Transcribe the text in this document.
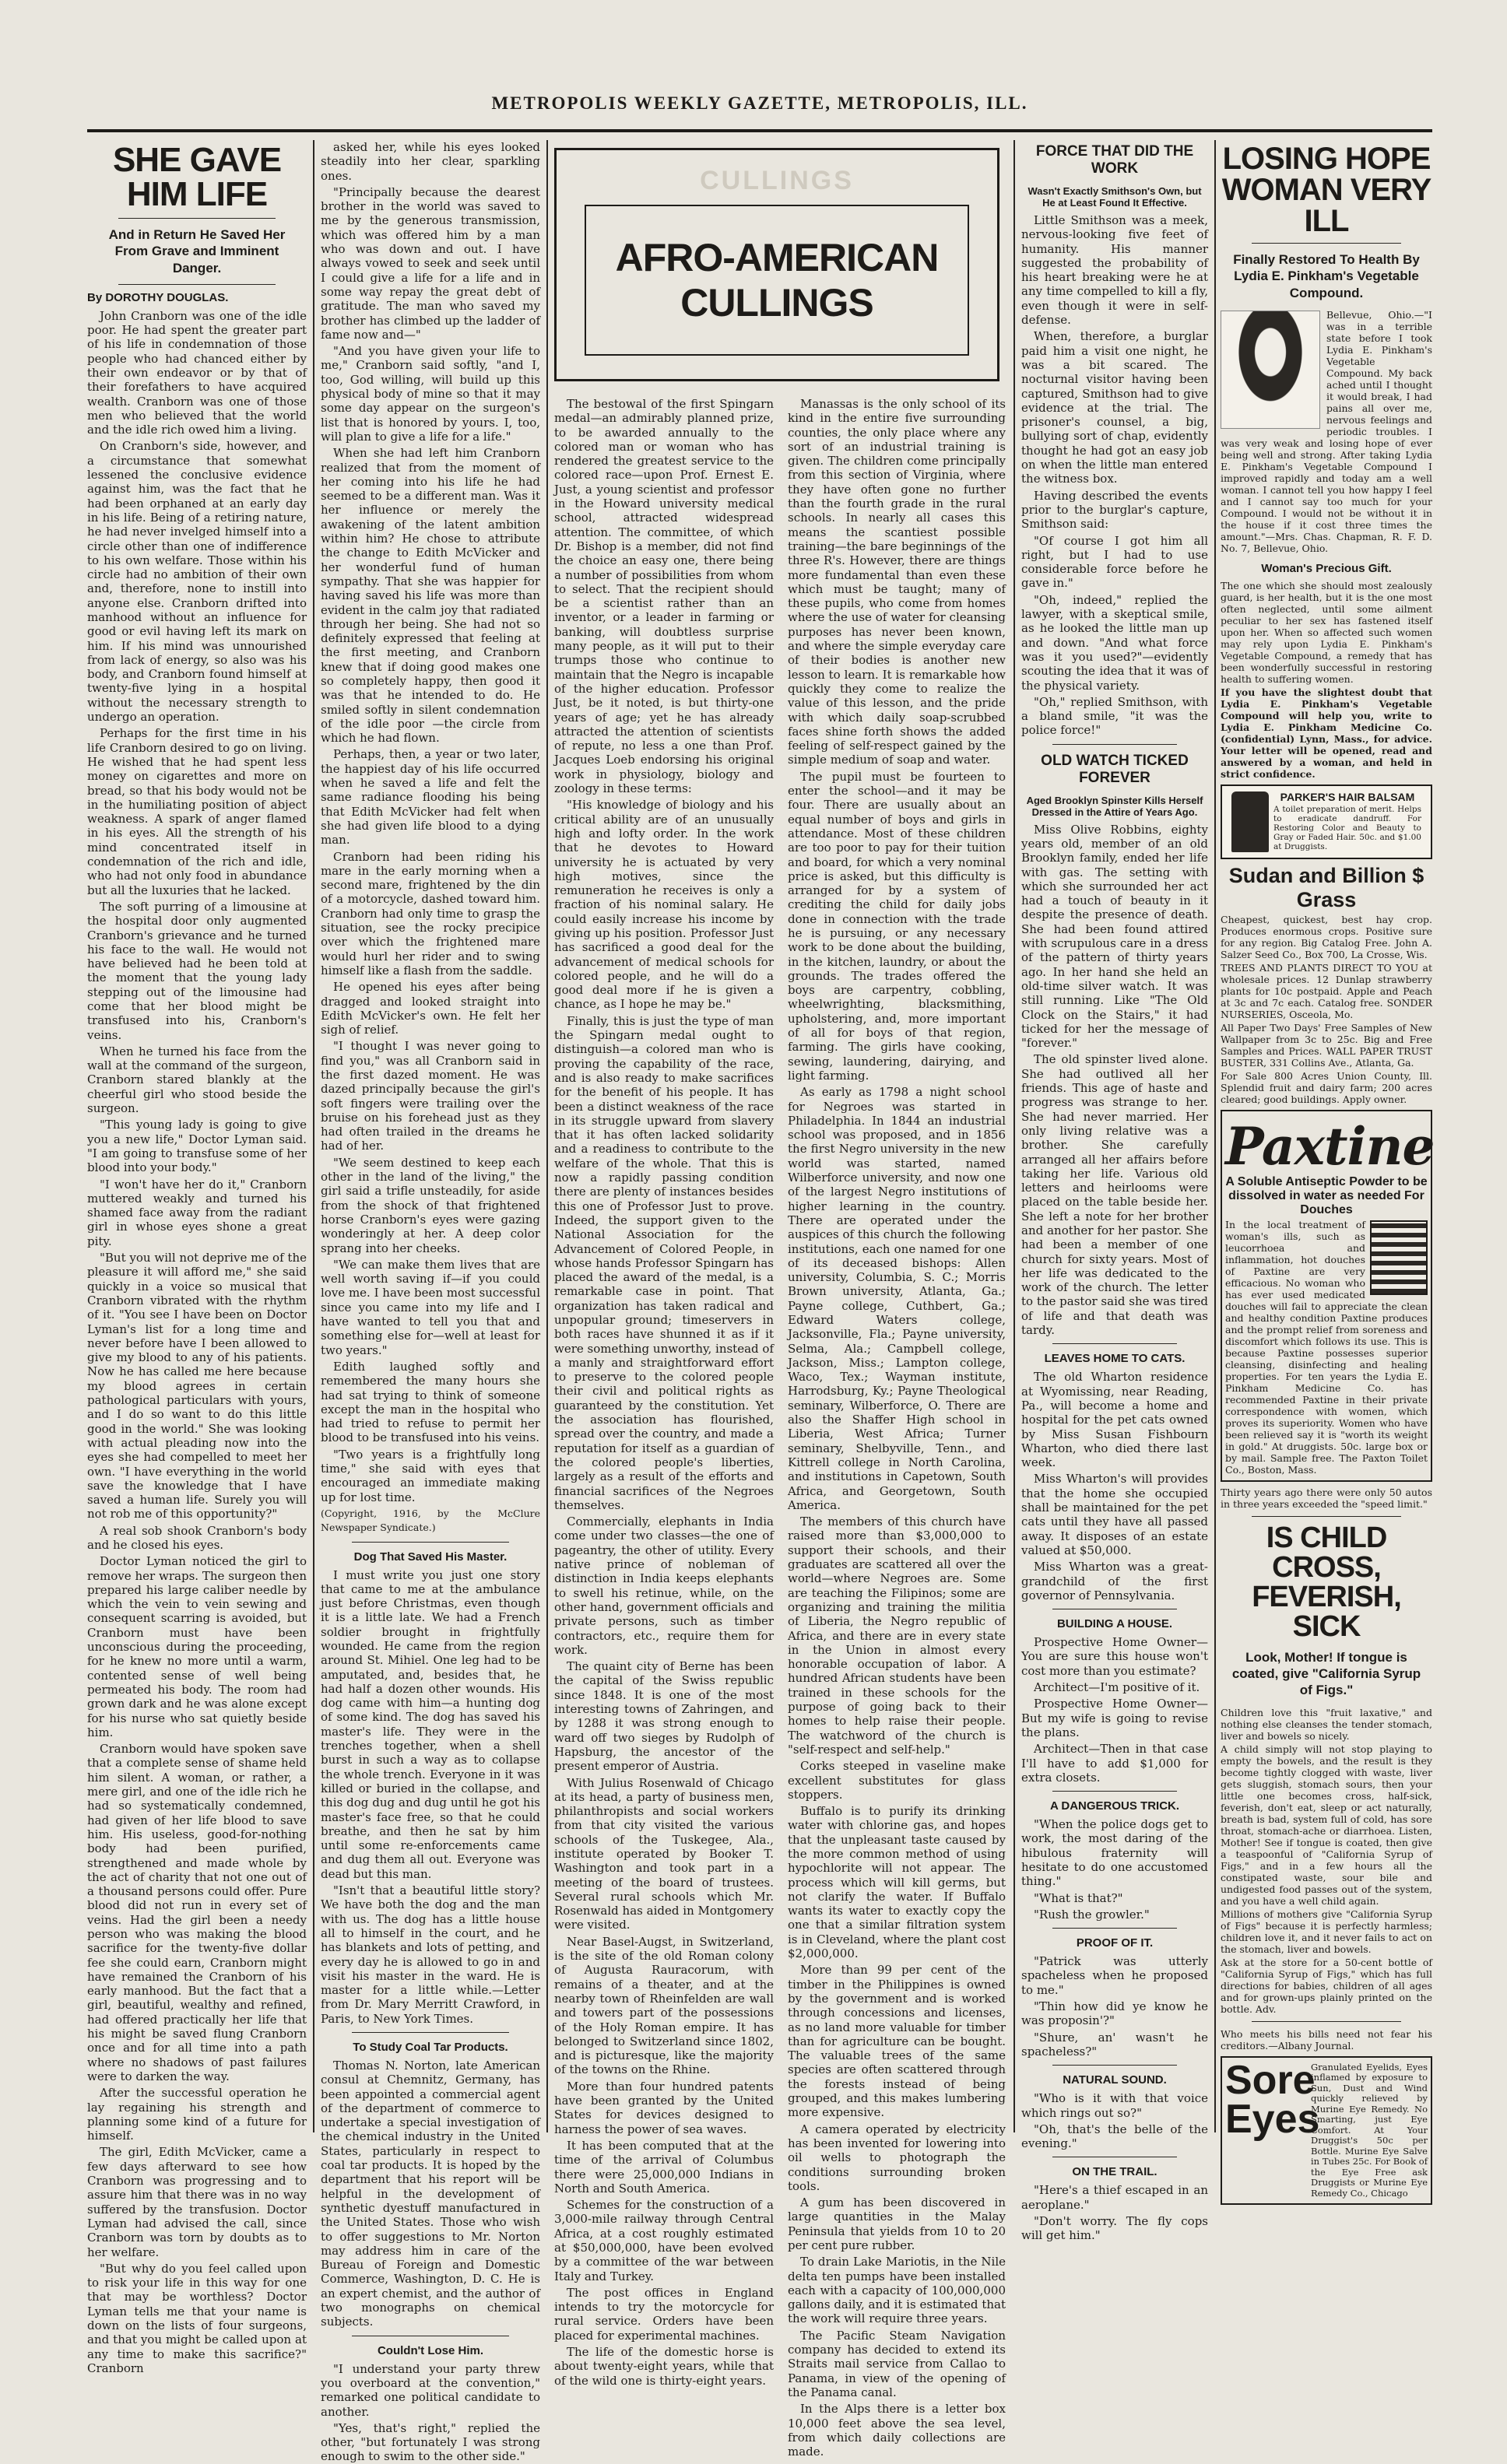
METROPOLIS WEEKLY GAZETTE, METROPOLIS, ILL.
SHE GAVE HIM LIFE
And in Return He Saved Her From Grave and Imminent Danger.
By DOROTHY DOUGLAS.

John Cranborn was one of the idle poor. He had spent the greater part of his life in condemnation of those people who had chanced either by their own endeavor or by that of their forefathers to have acquired wealth. Cranborn was one of those men who believed that the world and the idle rich owed him a living.

On Cranborn's side, however, and a circumstance that somewhat lessened the conclusive evidence against him, was the fact that he had been orphaned at an early day in his life. Being of a retiring nature, he had never invelged himself into a circle other than one of indifference to his own welfare. Those within his circle had no ambition of their own and, therefore, none to instill into anyone else. Cranborn drifted into manhood without an influence for good or evil having left its mark on him. If his mind was unnourished from lack of energy, so also was his body, and Cranborn found himself at twenty-five lying in a hospital without the necessary strength to undergo an operation.

Perhaps for the first time in his life Cranborn desired to go on living. He wished that he had spent less money on cigarettes and more on bread, so that his body would not be in the humiliating position of abject weakness. A spark of anger flamed in his eyes. All the strength of his mind concentrated itself in condemnation of the rich and idle, who had not only food in abundance but all the luxuries that he lacked.

The soft purring of a limousine at the hospital door only augmented Cranborn's grievance and he turned his face to the wall. He would not have believed had he been told at the moment that the young lady stepping out of the limousine had come that her blood might be transfused into his, Cranborn's veins.

When he turned his face from the wall at the command of the surgeon, Cranborn stared blankly at the cheerful girl who stood beside the surgeon.

"This young lady is going to give you a new life," Doctor Lyman said. "I am going to transfuse some of her blood into your body."

"I won't have her do it," Cranborn muttered weakly and turned his shamed face away from the radiant girl in whose eyes shone a great pity.

"But you will not deprive me of the pleasure it will afford me," she said quickly in a voice so musical that Cranborn vibrated with the rhythm of it. "You see I have been on Doctor Lyman's list for a long time and never before have I been allowed to give my blood to any of his patients. Now he has called me here because my blood agrees in certain pathological particulars with yours, and I do so want to do this little good in the world." She was looking with actual pleading now into the eyes she had compelled to meet her own. "I have everything in the world save the knowledge that I have saved a human life. Surely you will not rob me of this opportunity?"

A real sob shook Cranborn's body and he closed his eyes.

Doctor Lyman noticed the girl to remove her wraps. The surgeon then prepared his large caliber needle by which the vein to vein sewing and consequent scarring is avoided, but Cranborn must have been unconscious during the proceeding, for he knew no more until a warm, contented sense of well being permeated his body. The room had grown dark and he was alone except for his nurse who sat quietly beside him.

Cranborn would have spoken save that a complete sense of shame held him silent. A woman, or rather, a mere girl, and one of the idle rich he had so systematically condemned, had given of her life blood to save him. His useless, good-for-nothing body had been purified, strengthened and made whole by the act of charity that not one out of a thousand persons could offer. Pure blood did not run in every set of veins. Had the girl been a needy person who was making the blood sacrifice for the twenty-five dollar fee she could earn, Cranborn might have remained the Cranborn of his early manhood. But the fact that a girl, beautiful, wealthy and refined, had offered practically her life that his might be saved flung Cranborn once and for all time into a path where no shadows of past failures were to darken the way.

After the successful operation he lay regaining his strength and planning some kind of a future for himself.

The girl, Edith McVicker, came a few days afterward to see how Cranborn was progressing and to assure him that there was in no way suffered by the transfusion. Doctor Lyman had advised the call, since Cranborn was torn by doubts as to her welfare.

"But why do you feel called upon to risk your life in this way for one that may be worthless? Doctor Lyman tells me that your name is down on the lists of four surgeons, and that you might be called upon at any time to make this sacrifice?" Cranborn

asked her, while his eyes looked steadily into her clear, sparkling ones.

"Principally because the dearest brother in the world was saved to me by the generous transmission, which was offered him by a man who was down and out. I have always vowed to seek and seek until I could give a life for a life and in some way repay the great debt of gratitude. The man who saved my brother has climbed up the ladder of fame now and—"

"And you have given your life to me," Cranborn said softly, "and I, too, God willing, will build up this physical body of mine so that it may some day appear on the surgeon's list that is honored by yours. I, too, will plan to give a life for a life."

When she had left him Cranborn realized that from the moment of her coming into his life he had seemed to be a different man. Was it her influence or merely the awakening of the latent ambition within him? He chose to attribute the change to Edith McVicker and her wonderful fund of human sympathy. That she was happier for having saved his life was more than evident in the calm joy that radiated through her being. She had not so definitely expressed that feeling at the first meeting, and Cranborn knew that if doing good makes one so completely happy, then good it was that he intended to do. He smiled softly in silent condemnation of the idle poor —the circle from which he had flown.

Perhaps, then, a year or two later, the happiest day of his life occurred when he saved a life and felt the same radiance flooding his being that Edith McVicker had felt when she had given life blood to a dying man.

Cranborn had been riding his mare in the early morning when a second mare, frightened by the din of a motorcycle, dashed toward him. Cranborn had only time to grasp the situation, see the rocky precipice over which the frightened mare would hurl her rider and to swing himself like a flash from the saddle.

He opened his eyes after being dragged and looked straight into Edith McVicker's own. He felt her sigh of relief.

"I thought I was never going to find you," was all Cranborn said in the first dazed moment. He was dazed principally because the girl's soft fingers were trailing over the bruise on his forehead just as they had often trailed in the dreams he had of her.

"We seem destined to keep each other in the land of the living," the girl said a trifle unsteadily, for aside from the shock of that frightened horse Cranborn's eyes were gazing wonderingly at her. A deep color sprang into her cheeks.

"We can make them lives that are well worth saving if—if you could love me. I have been most successful since you came into my life and I have wanted to tell you that and something else for—well at least for two years."

Edith laughed softly and remembered the many hours she had sat trying to think of someone except the man in the hospital who had tried to refuse to permit her blood to be transfused into his veins.

"Two years is a frightfully long time," she said with eyes that encouraged an immediate making up for lost time.

(Copyright, 1916, by the McClure Newspaper Syndicate.)

Dog That Saved His Master.

I must write you just one story that came to me at the ambulance just before Christmas, even though it is a little late. We had a French soldier brought in frightfully wounded. He came from the region around St. Mihiel. One leg had to be amputated, and, besides that, he had half a dozen other wounds. His dog came with him—a hunting dog of some kind. The dog has saved his master's life. They were in the trenches together, when a shell burst in such a way as to collapse the whole trench. Everyone in it was killed or buried in the collapse, and this dog dug and dug until he got his master's face free, so that he could breathe, and then he sat by him until some re-enforcements came and dug them all out. Everyone was dead but this man.

"Isn't that a beautiful little story? We have both the dog and the man with us. The dog has a little house all to himself in the court, and he has blankets and lots of petting, and every day he is allowed to go in and visit his master in the ward. He is master for a little while.—Letter from Dr. Mary Merritt Crawford, in Paris, to New York Times.

To Study Coal Tar Products.

Thomas N. Norton, late American consul at Chemnitz, Germany, has been appointed a commercial agent of the department of commerce to undertake a special investigation of the chemical industry in the United States, particularly in respect to coal tar products. It is hoped by the department that his report will be helpful in the development of synthetic dyestuff manufactured in the United States. Those who wish to offer suggestions to Mr. Norton may address him in care of the Bureau of Foreign and Domestic Commerce, Washington, D. C. He is an expert chemist, and the author of two monographs on chemical subjects.

Couldn't Lose Him.

"I understand your party threw you overboard at the convention," remarked one political candidate to another.

"Yes, that's right," replied the other, "but fortunately I was strong enough to swim to the other side."

CULLINGS
AFRO-AMERICAN CULLINGS

The bestowal of the first Spingarn medal—an admirably planned prize, to be awarded annually to the colored man or woman who has rendered the greatest service to the colored race—upon Prof. Ernest E. Just, a young scientist and professor in the Howard university medical school, attracted widespread attention. The committee, of which Dr. Bishop is a member, did not find the choice an easy one, there being a number of possibilities from whom to select. That the recipient should be a scientist rather than an inventor, or a leader in farming or banking, will doubtless surprise many people, as it will put to their trumps those who continue to maintain that the Negro is incapable of the higher education. Professor Just, be it noted, is but thirty-one years of age; yet he has already attracted the attention of scientists of repute, no less a one than Prof. Jacques Loeb endorsing his original work in physiology, biology and zoology in these terms:

"His knowledge of biology and his critical ability are of an unusually high and lofty order. In the work that he devotes to Howard university he is actuated by very high motives, since the remuneration he receives is only a fraction of his nominal salary. He could easily increase his income by giving up his position. Professor Just has sacrificed a good deal for the advancement of medical schools for colored people, and he will do a good deal more if he is given a chance, as I hope he may be."

Finally, this is just the type of man the Spingarn medal ought to distinguish—a colored man who is proving the capability of the race, and is also ready to make sacrifices for the benefit of his people. It has been a distinct weakness of the race in its struggle upward from slavery that it has often lacked solidarity and a readiness to contribute to the welfare of the whole. That this is now a rapidly passing condition there are plenty of instances besides this one of Professor Just to prove. Indeed, the support given to the National Association for the Advancement of Colored People, in whose hands Professor Spingarn has placed the award of the medal, is a remarkable case in point. That organization has taken radical and unpopular ground; timeservers in both races have shunned it as if it were something unworthy, instead of a manly and straightforward effort to preserve to the colored people their civil and political rights as guaranteed by the constitution. Yet the association has flourished, spread over the country, and made a reputation for itself as a guardian of the colored people's liberties, largely as a result of the efforts and financial sacrifices of the Negroes themselves.

Commercially, elephants in India come under two classes—the one of pageantry, the other of utility. Every native prince of nobleman of distinction in India keeps elephants to swell his retinue, while, on the other hand, government officials and private persons, such as timber contractors, etc., require them for work.

The quaint city of Berne has been the capital of the Swiss republic since 1848. It is one of the most interesting towns of Zahringen, and by 1288 it was strong enough to ward off two sieges by Rudolph of Hapsburg, the ancestor of the present emperor of Austria.

With Julius Rosenwald of Chicago at its head, a party of business men, philanthropists and social workers from that city visited the various schools of the Tuskegee, Ala., institute operated by Booker T. Washington and took part in a meeting of the board of trustees. Several rural schools which Mr. Rosenwald has aided in Montgomery were visited.

Near Basel-Augst, in Switzerland, is the site of the old Roman colony of Augusta Rauracorum, with remains of a theater, and at the nearby town of Rheinfelden are wall and towers part of the possessions of the Holy Roman empire. It has belonged to Switzerland since 1802, and is picturesque, like the majority of the towns on the Rhine.

More than four hundred patents have been granted by the United States for devices designed to harness the power of sea waves.

It has been computed that at the time of the arrival of Columbus there were 25,000,000 Indians in North and South America.

Schemes for the construction of a 3,000-mile railway through Central Africa, at a cost roughly estimated at $50,000,000, have been evolved by a committee of the war between Italy and Turkey.

The post offices in England intends to try the motorcycle for rural service. Orders have been placed for experimental machines.

The life of the domestic horse is about twenty-eight years, while that of the wild one is thirty-eight years.

Manassas is the only school of its kind in the entire five surrounding counties, the only place where any sort of an industrial training is given. The children come principally from this section of Virginia, where they have often gone no further than the fourth grade in the rural schools. In nearly all cases this means the scantiest possible training—the bare beginnings of the three R's. However, there are things more fundamental than even these which must be taught; many of these pupils, who come from homes where the use of water for cleansing purposes has never been known, and where the simple everyday care of their bodies is another new lesson to learn. It is remarkable how quickly they come to realize the value of this lesson, and the pride with which daily soap-scrubbed faces shine forth shows the added feeling of self-respect gained by the simple medium of soap and water.

The pupil must be fourteen to enter the school—and it may be four. There are usually about an equal number of boys and girls in attendance. Most of these children are too poor to pay for their tuition and board, for which a very nominal price is asked, but this difficulty is arranged for by a system of crediting the child for daily jobs done in connection with the trade he is pursuing, or any necessary work to be done about the building, in the kitchen, laundry, or about the grounds. The trades offered the boys are carpentry, cobbling, wheelwrighting, blacksmithing, upholstering, and, more important of all for boys of that region, farming. The girls have cooking, sewing, laundering, dairying, and light farming.

As early as 1798 a night school for Negroes was started in Philadelphia. In 1844 an industrial school was proposed, and in 1856 the first Negro university in the new world was started, named Wilberforce university, and now one of the largest Negro institutions of higher learning in the country. There are operated under the auspices of this church the following institutions, each one named for one of its deceased bishops: Allen university, Columbia, S. C.; Morris Brown university, Atlanta, Ga.; Payne college, Cuthbert, Ga.; Edward Waters college, Jacksonville, Fla.; Payne university, Selma, Ala.; Campbell college, Jackson, Miss.; Lampton college, Waco, Tex.; Wayman institute, Harrodsburg, Ky.; Payne Theological seminary, Wilberforce, O. There are also the Shaffer High school in Liberia, West Africa; Turner seminary, Shelbyville, Tenn., and Kittrell college in North Carolina, and institutions in Capetown, South Africa, and Georgetown, South America.

The members of this church have raised more than $3,000,000 to support their schools, and their graduates are scattered all over the world—where Negroes are. Some are teaching the Filipinos; some are organizing and training the militia of Liberia, the Negro republic of Africa, and there are in every state in the Union in almost every honorable occupation of labor. A hundred African students have been trained in these schools for the purpose of going back to their homes to help raise their people. The watchword of the church is "self-respect and self-help."

Corks steeped in vaseline make excellent substitutes for glass stoppers.

Buffalo is to purify its drinking water with chlorine gas, and hopes that the unpleasant taste caused by the more common method of using hypochlorite will not appear. The process which will kill germs, but not clarify the water. If Buffalo wants its water to exactly copy the one that a similar filtration system is in Cleveland, where the plant cost $2,000,000.

More than 99 per cent of the timber in the Philippines is owned by the government and is worked through concessions and licenses, as no land more valuable for timber than for agriculture can be bought. The valuable trees of the same species are often scattered through the forests instead of being grouped, and this makes lumbering more expensive.

A camera operated by electricity has been invented for lowering into oil wells to photograph the conditions surrounding broken tools.

A gum has been discovered in large quantities in the Malay Peninsula that yields from 10 to 20 per cent pure rubber.

To drain Lake Mariotis, in the Nile delta ten pumps have been installed each with a capacity of 100,000,000 gallons daily, and it is estimated that the work will require three years.

The Pacific Steam Navigation company has decided to extend its Straits mail service from Callao to Panama, in view of the opening of the Panama canal.

In the Alps there is a letter box 10,000 feet above the sea level, from which daily collections are made.

FORCE THAT DID THE WORK
Wasn't Exactly Smithson's Own, but He at Least Found It Effective.

Little Smithson was a meek, nervous-looking five feet of humanity. His manner suggested the probability of his heart breaking were he at any time compelled to kill a fly, even though it were in self-defense.

When, therefore, a burglar paid him a visit one night, he was a bit scared. The nocturnal visitor having been captured, Smithson had to give evidence at the trial. The prisoner's counsel, a big, bullying sort of chap, evidently thought he had got an easy job on when the little man entered the witness box.

Having described the events prior to the burglar's capture, Smithson said:

"Of course I got him all right, but I had to use considerable force before he gave in."

"Oh, indeed," replied the lawyer, with a skeptical smile, as he looked the little man up and down. "And what force was it you used?"—evidently scouting the idea that it was of the physical variety.

"Oh," replied Smithson, with a bland smile, "it was the police force!"

OLD WATCH TICKED FOREVER
Aged Brooklyn Spinster Kills Herself Dressed in the Attire of Years Ago.

Miss Olive Robbins, eighty years old, member of an old Brooklyn family, ended her life with gas. The setting with which she surrounded her act had a touch of beauty in it despite the presence of death. She had been found attired with scrupulous care in a dress of the pattern of thirty years ago. In her hand she held an old-time silver watch. It was still running. Like "The Old Clock on the Stairs," it had ticked for her the message of "forever."

The old spinster lived alone. She had outlived all her friends. This age of haste and progress was strange to her. She had never married. Her only living relative was a brother. She carefully arranged all her affairs before taking her life. Various old letters and heirlooms were placed on the table beside her. She left a note for her brother and another for her pastor. She had been a member of one church for sixty years. Most of her life was dedicated to the work of the church. The letter to the pastor said she was tired of life and that death was tardy.

LEAVES HOME TO CATS.

The old Wharton residence at Wyomissing, near Reading, Pa., will become a home and hospital for the pet cats owned by Miss Susan Fishbourn Wharton, who died there last week.

Miss Wharton's will provides that the home she occupied shall be maintained for the pet cats until they have all passed away. It disposes of an estate valued at $50,000.

Miss Wharton was a great-grandchild of the first governor of Pennsylvania.

BUILDING A HOUSE.

Prospective Home Owner—You are sure this house won't cost more than you estimate?

Architect—I'm positive of it.

Prospective Home Owner—But my wife is going to revise the plans.

Architect—Then in that case I'll have to add $1,000 for extra closets.

A DANGEROUS TRICK.

"When the police dogs get to work, the most daring of the hibulous fraternity will hesitate to do one accustomed thing."

"What is that?"

"Rush the growler."

PROOF OF IT.

"Patrick was utterly spacheless when he proposed to me."

"Thin how did ye know he was proposin'?"

"Shure, an' wasn't he spacheless?"

NATURAL SOUND.

"Who is it with that voice which rings out so?"

"Oh, that's the belle of the evening."

ON THE TRAIL.

"Here's a thief escaped in an aeroplane."

"Don't worry. The fly cops will get him."

LOSING HOPE WOMAN VERY ILL
Finally Restored To Health By Lydia E. Pinkham's Vegetable Compound.

Bellevue, Ohio.—"I was in a terrible state before I took Lydia E. Pinkham's Vegetable Compound. My back ached until I thought it would break, I had pains all over me, nervous feelings and periodic troubles. I was very weak and losing hope of ever being well and strong. After taking Lydia E. Pinkham's Vegetable Compound I improved rapidly and today am a well woman. I cannot tell you how happy I feel and I cannot say too much for your Compound. I would not be without it in the house if it cost three times the amount."—Mrs. Chas. Chapman, R. F. D. No. 7, Bellevue, Ohio.

Woman's Precious Gift.

The one which she should most zealously guard, is her health, but it is the one most often neglected, until some ailment peculiar to her sex has fastened itself upon her. When so affected such women may rely upon Lydia E. Pinkham's Vegetable Compound, a remedy that has been wonderfully successful in restoring health to suffering women.

If you have the slightest doubt that Lydia E. Pinkham's Vegetable Compound will help you, write to Lydia E. Pinkham Medicine Co. (confidential) Lynn, Mass., for advice. Your letter will be opened, read and answered by a woman, and held in strict confidence.

PARKER'S HAIR BALSAM

A toilet preparation of merit. Helps to eradicate dandruff. For Restoring Color and Beauty to Gray or Faded Hair. 50c. and $1.00 at Druggists.

Sudan and Billion $ Grass

Cheapest, quickest, best hay crop. Produces enormous crops. Positive sure for any region. Big Catalog Free. John A. Salzer Seed Co., Box 700, La Crosse, Wis.

TREES AND PLANTS DIRECT TO YOU at wholesale prices. 12 Dunlap strawberry plants for 10c postpaid. Apple and Peach at 3c and 7c each. Catalog free. SONDER NURSERIES, Osceola, Mo.

All Paper Two Days' Free Samples of New Wallpaper from 3c to 25c. Big and Free Samples and Prices. WALL PAPER TRUST BUSTER, 331 Collins Ave., Atlanta, Ga.

For Sale 800 Acres Union County, Ill. Splendid fruit and dairy farm; 200 acres cleared; good buildings. Apply owner.

Paxtine
A Soluble Antiseptic Powder to be dissolved in water as needed For Douches

In the local treatment of woman's ills, such as leucorrhoea and inflammation, hot douches of Paxtine are very efficacious. No woman who has ever used medicated douches will fail to appreciate the clean and healthy condition Paxtine produces and the prompt relief from soreness and discomfort which follows its use. This is because Paxtine possesses superior cleansing, disinfecting and healing properties. For ten years the Lydia E. Pinkham Medicine Co. has recommended Paxtine in their private correspondence with women, which proves its superiority. Women who have been relieved say it is "worth its weight in gold." At druggists. 50c. large box or by mail. Sample free. The Paxton Toilet Co., Boston, Mass.

Thirty years ago there were only 50 autos in three years exceeded the "speed limit."

IS CHILD CROSS, FEVERISH, SICK
Look, Mother! If tongue is coated, give "California Syrup of Figs."

Children love this "fruit laxative," and nothing else cleanses the tender stomach, liver and bowels so nicely.

A child simply will not stop playing to empty the bowels, and the result is they become tightly clogged with waste, liver gets sluggish, stomach sours, then your little one becomes cross, half-sick, feverish, don't eat, sleep or act naturally, breath is bad, system full of cold, has sore throat, stomach-ache or diarrhoea. Listen, Mother! See if tongue is coated, then give a teaspoonful of "California Syrup of Figs," and in a few hours all the constipated waste, sour bile and undigested food passes out of the system, and you have a well child again.

Millions of mothers give "California Syrup of Figs" because it is perfectly harmless; children love it, and it never fails to act on the stomach, liver and bowels.

Ask at the store for a 50-cent bottle of "California Syrup of Figs," which has full directions for babies, children of all ages and for grown-ups plainly printed on the bottle. Adv.

Who meets his bills need not fear his creditors.—Albany Journal.

Sore
Eyes

Granulated Eyelids, Eyes inflamed by exposure to Sun, Dust and Wind quickly relieved by Murine Eye Remedy. No Smarting, just Eye Comfort. At Your Druggist's 50c per Bottle. Murine Eye Salve in Tubes 25c. For Book of the Eye Free ask Druggists or Murine Eye Remedy Co., Chicago
